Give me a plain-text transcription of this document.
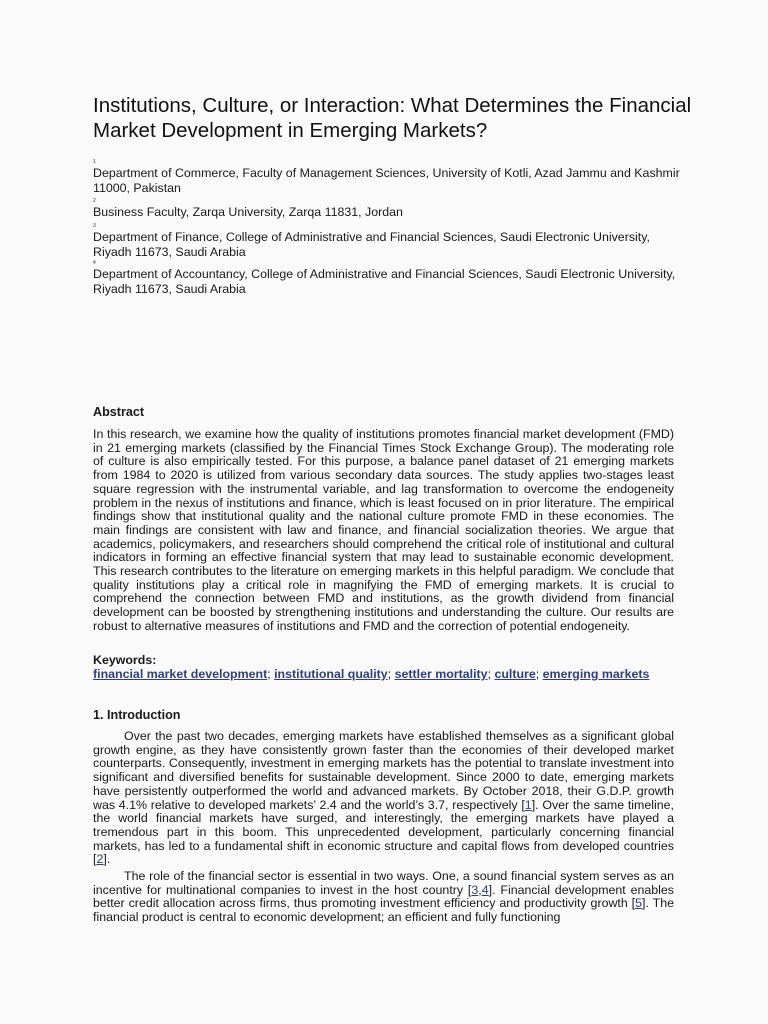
Institutions, Culture, or Interaction: What Determines the Financial Market Development in Emerging Markets?
1
Department of Commerce, Faculty of Management Sciences, University of Kotli, Azad Jammu and Kashmir 11000, Pakistan
2
Business Faculty, Zarqa University, Zarqa 11831, Jordan
3
Department of Finance, College of Administrative and Financial Sciences, Saudi Electronic University, Riyadh 11673, Saudi Arabia
4
Department of Accountancy, College of Administrative and Financial Sciences, Saudi Electronic University, Riyadh 11673, Saudi Arabia
Abstract

In this research, we examine how the quality of institutions promotes financial market development (FMD) in 21 emerging markets (classified by the Financial Times Stock Exchange Group). The moderating role of culture is also empirically tested. For this purpose, a balance panel dataset of 21 emerging markets from 1984 to 2020 is utilized from various secondary data sources. The study applies two-stages least square regression with the instrumental variable, and lag transformation to overcome the endogeneity problem in the nexus of institutions and finance, which is least focused on in prior literature. The empirical findings show that institutional quality and the national culture promote FMD in these economies. The main findings are consistent with law and finance, and financial socialization theories. We argue that academics, policymakers, and researchers should comprehend the critical role of institutional and cultural indicators in forming an effective financial system that may lead to sustainable economic development. This research contributes to the literature on emerging markets in this helpful paradigm. We conclude that quality institutions play a critical role in magnifying the FMD of emerging markets. It is crucial to comprehend the connection between FMD and institutions, as the growth dividend from financial development can be boosted by strengthening institutions and understanding the culture. Our results are robust to alternative measures of institutions and FMD and the correction of potential endogeneity.

Keywords:
financial market development; institutional quality; settler mortality; culture; emerging markets
1. Introduction

Over the past two decades, emerging markets have established themselves as a significant global growth engine, as they have consistently grown faster than the economies of their developed market counterparts. Consequently, investment in emerging markets has the potential to translate investment into significant and diversified benefits for sustainable development. Since 2000 to date, emerging markets have persistently outperformed the world and advanced markets. By October 2018, their G.D.P. growth was 4.1% relative to developed markets’ 2.4 and the world’s 3.7, respectively [1]. Over the same timeline, the world financial markets have surged, and interestingly, the emerging markets have played a tremendous part in this boom. This unprecedented development, particularly concerning financial markets, has led to a fundamental shift in economic structure and capital flows from developed countries [2].

The role of the financial sector is essential in two ways. One, a sound financial system serves as an incentive for multinational companies to invest in the host country [3,4]. Financial development enables better credit allocation across firms, thus promoting investment efficiency and productivity growth [5]. The financial product is central to economic development; an efficient and fully functioning
